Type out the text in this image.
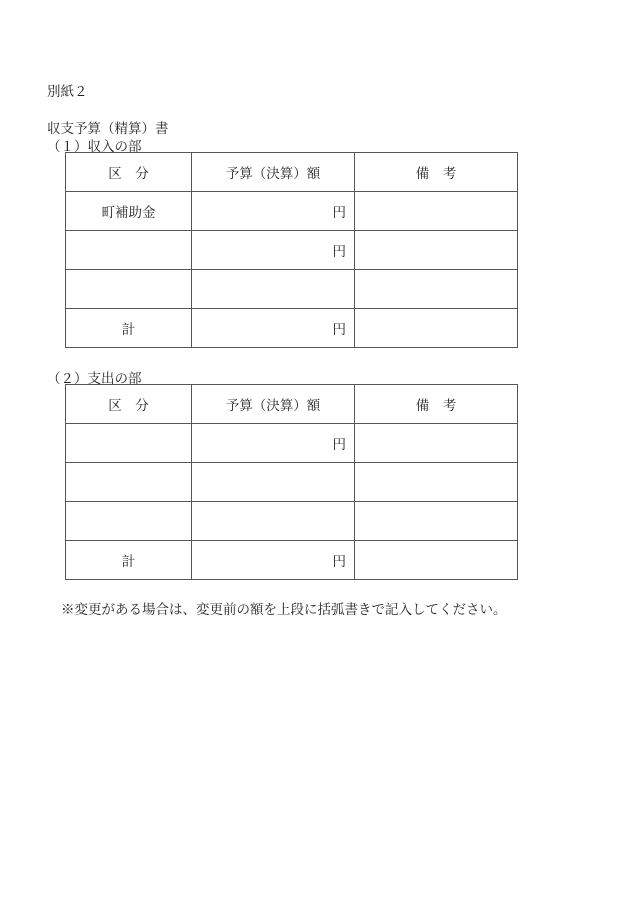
別紙２
収支予算（精算）書
（１）収入の部
区　分	予算（決算）額	備　考
町補助金	円	
	円	

計	円	
（２）支出の部
区　分	予算（決算）額	備　考
	円	

計	円	
※変更がある場合は、変更前の額を上段に括弧書きで記入してください。
